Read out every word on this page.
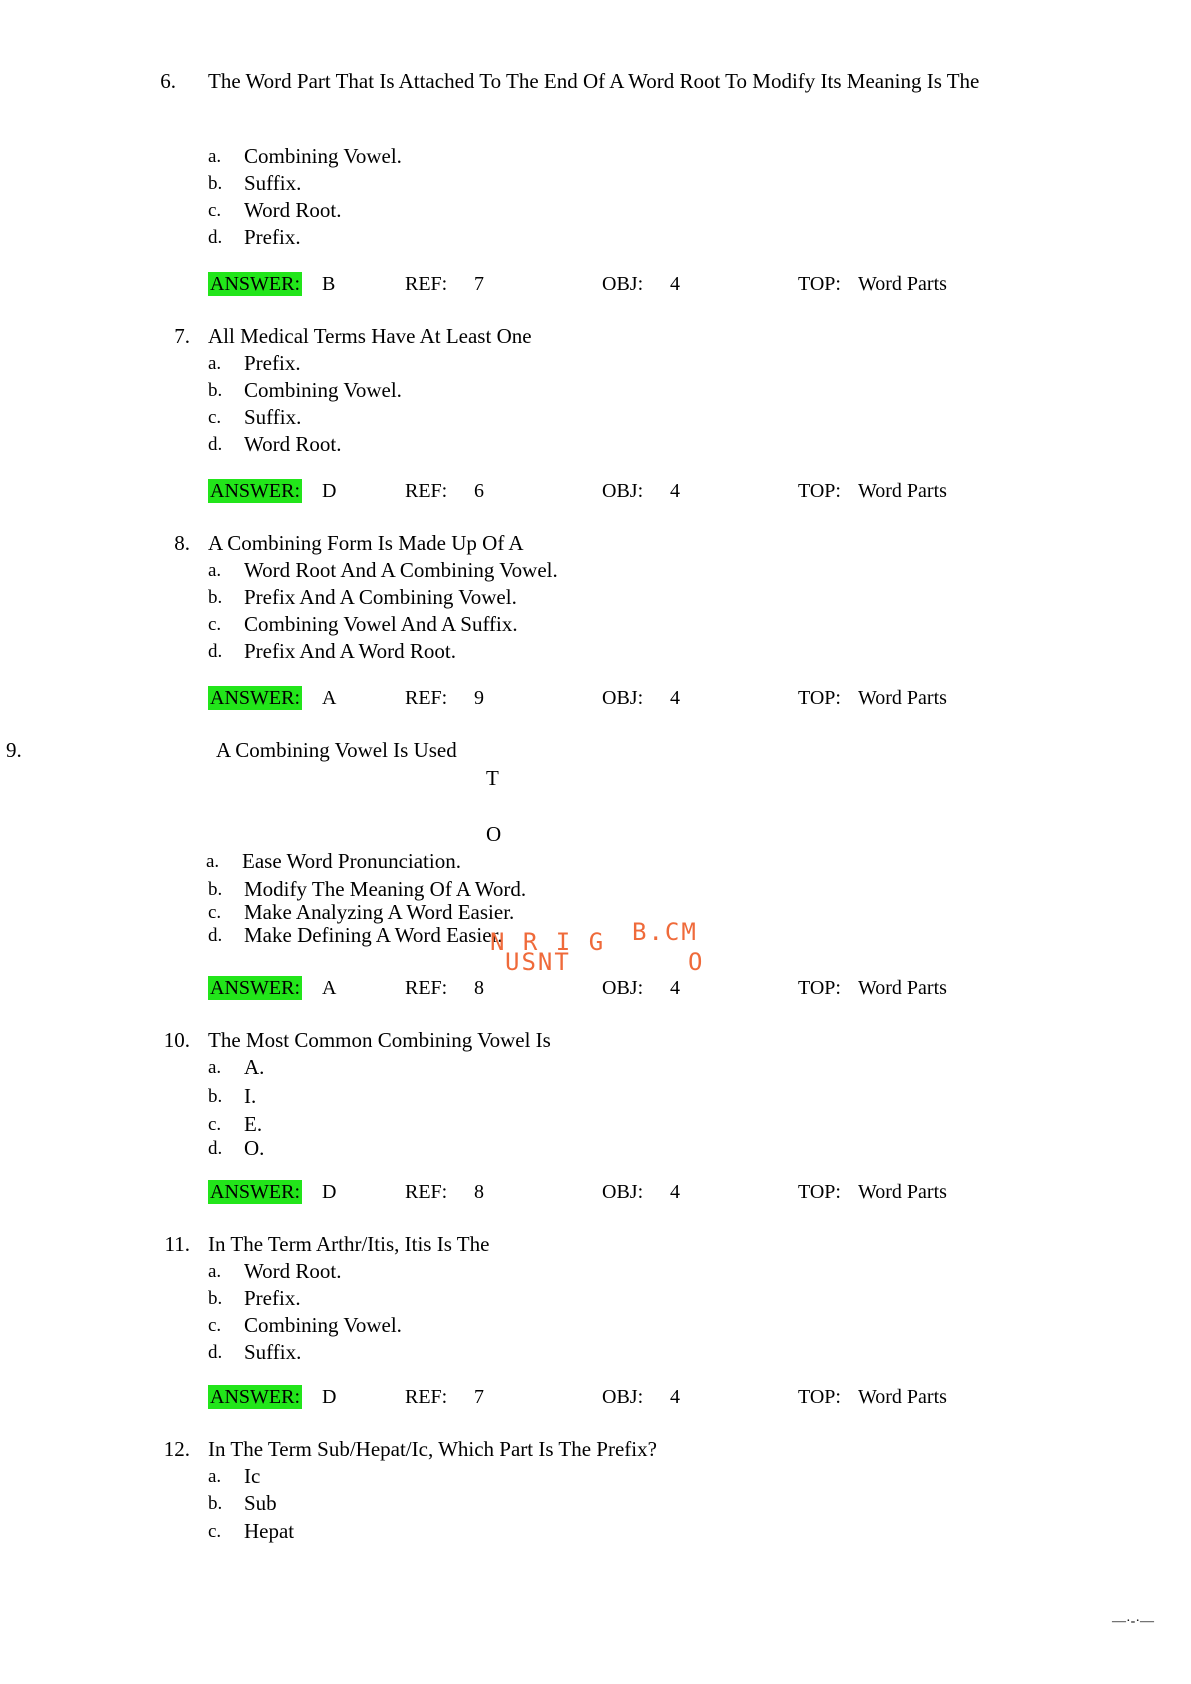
6. The Word Part That Is Attached To The End Of A Word Root To Modify Its Meaning Is The
a. Combining Vowel.
b. Suffix.
c. Word Root.
d. Prefix.
ANSWER: B	REF: 7	OBJ: 4	TOP: Word Parts
7. All Medical Terms Have At Least One
a. Prefix.
b. Combining Vowel.
c. Suffix.
d. Word Root.
ANSWER: D	REF: 6	OBJ: 4	TOP: Word Parts
8. A Combining Form Is Made Up Of A
a. Word Root And A Combining Vowel.
b. Prefix And A Combining Vowel.
c. Combining Vowel And A Suffix.
d. Prefix And A Word Root.
ANSWER: A	REF: 9	OBJ: 4	TOP: Word Parts
9.	A Combining Vowel Is Used
T
O
a. Ease Word Pronunciation.
b. Modify The Meaning Of A Word.
c. Make Analyzing A Word Easier.
d. Make Defining A Word Easier.
N R I G B.CM
USNT	O
ANSWER: A	REF: 8	OBJ: 4	TOP: Word Parts
10. The Most Common Combining Vowel Is
a. A.
b. I.
c. E.
d. O.
ANSWER: D	REF: 8	OBJ: 4	TOP: Word Parts
11. In The Term Arthr/Itis, Itis Is The
a. Word Root.
b. Prefix.
c. Combining Vowel.
d. Suffix.
ANSWER: D	REF: 7	OBJ: 4	TOP: Word Parts
12. In The Term Sub/Hepat/Ic, Which Part Is The Prefix?
a. Ic
b. Sub
c. Hepat
—·-·—
